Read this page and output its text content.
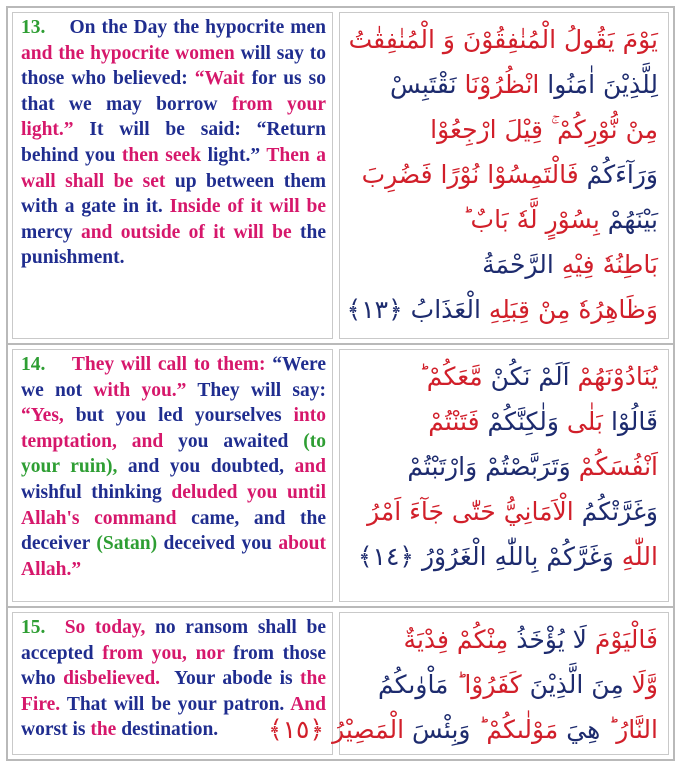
13.    On the Day the hypocrite men and the hypocrite women will say to those who believed: “Wait for us so that we may borrow from your light.” It will be said: “Return behind you then seek light.” Then a wall shall be set up between them with a gate in it. Inside of it will be mercy and outside of it will be the punishment.

يَوْمَ يَقُولُ الْمُنٰفِقُوْنَ وَ الْمُنٰفِقٰتُ
لِلَّذِيْنَ اٰمَنُوا انْظُرُوْنَا نَقْتَبِسْ
مِنْ نُّوْرِكُمْ ۚ قِيْلَ ارْجِعُوْا
وَرَآءَكُمْ فَالْتَمِسُوْا نُوْرًا فَضُرِبَ
بَيْنَهُمْ بِسُوْرٍ لَّهٗ بَابٌ ؕ
بَاطِنُهٗ فِيْهِ الرَّحْمَةُ
وَظَاهِرُهٗ مِنْ قِبَلِهِ الْعَذَابُ ﴿١٣﴾

14.    They will call to them: “Were we not with you.” They will say: “Yes, but you led yourselves into temptation, and you awaited (to your ruin), and you doubted, and wishful thinking deluded you until Allah's command came, and the deceiver (Satan) deceived you about Allah.”

يُنَادُوْنَهُمْ اَلَمْ نَكُنْ مَّعَكُمْ ؕ
قَالُوْا بَلٰى وَلٰكِنَّكُمْ فَتَنْتُمْ
اَنْفُسَكُمْ وَتَرَبَّصْتُمْ وَارْتَبْتُمْ
وَغَرَّتْكُمُ الْاَمَانِيُّ حَتّٰى جَآءَ اَمْرُ
اللّٰهِ وَغَرَّكُمْ بِاللّٰهِ الْغَرُوْرُ ﴿١٤﴾

15.  So today, no ransom shall be accepted from you, nor from those who disbelieved.  Your abode is the Fire. That will be your patron. And worst is the destination.

فَالْيَوْمَ لَا يُؤْخَذُ مِنْكُمْ فِدْيَةٌ
وَّلَا مِنَ الَّذِيْنَ كَفَرُوْا ؕ مَاْوٰىكُمُ
النَّارُ ؕ هِيَ مَوْلٰىكُمْ ؕ وَبِئْسَ الْمَصِيْرُ ﴿١٥﴾
